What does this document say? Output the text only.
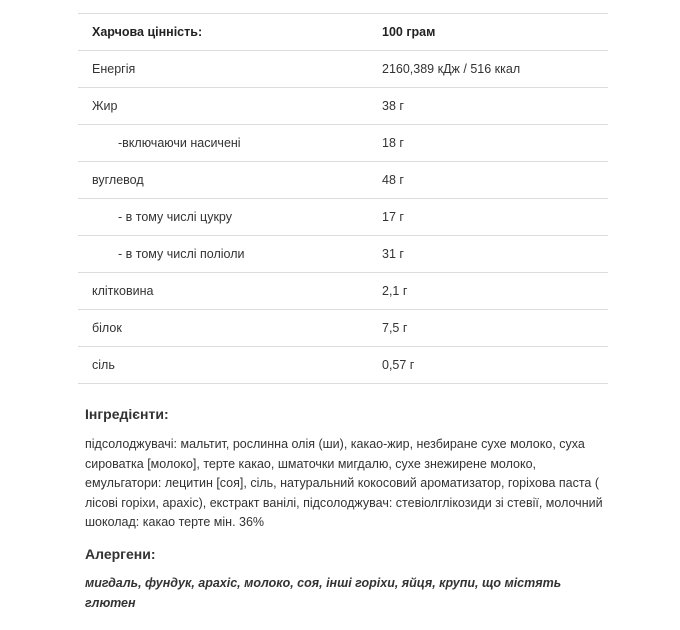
Харчова цінність:	100 грам
Енергія	2160,389 кДж / 516 ккал
Жир	38 г
-включаючи насичені	18 г
вуглевод	48 г
- в тому числі цукру	17 г
- в тому числі поліоли	31 г
клітковина	2,1 г
білок	7,5 г
сіль	0,57 г
Інгредієнти:

підсолоджувачі: мальтит, рослинна олія (ши), какао-жир, незбиране сухе молоко, суха сироватка [молоко], терте какао, шматочки мигдалю, сухе знежирене молоко, емульгатори: лецитин [соя], сіль, натуральний кокосовий ароматизатор, горіхова паста ( лісові горіхи, арахіс), екстракт ванілі, підсолоджувач: стевіолглікозиди зі стевії, молочний шоколад: какао терте мін. 36%

Алергени:

мигдаль, фундук, арахіс, молоко, соя, інші горіхи, яйця, крупи, що містять глютен
